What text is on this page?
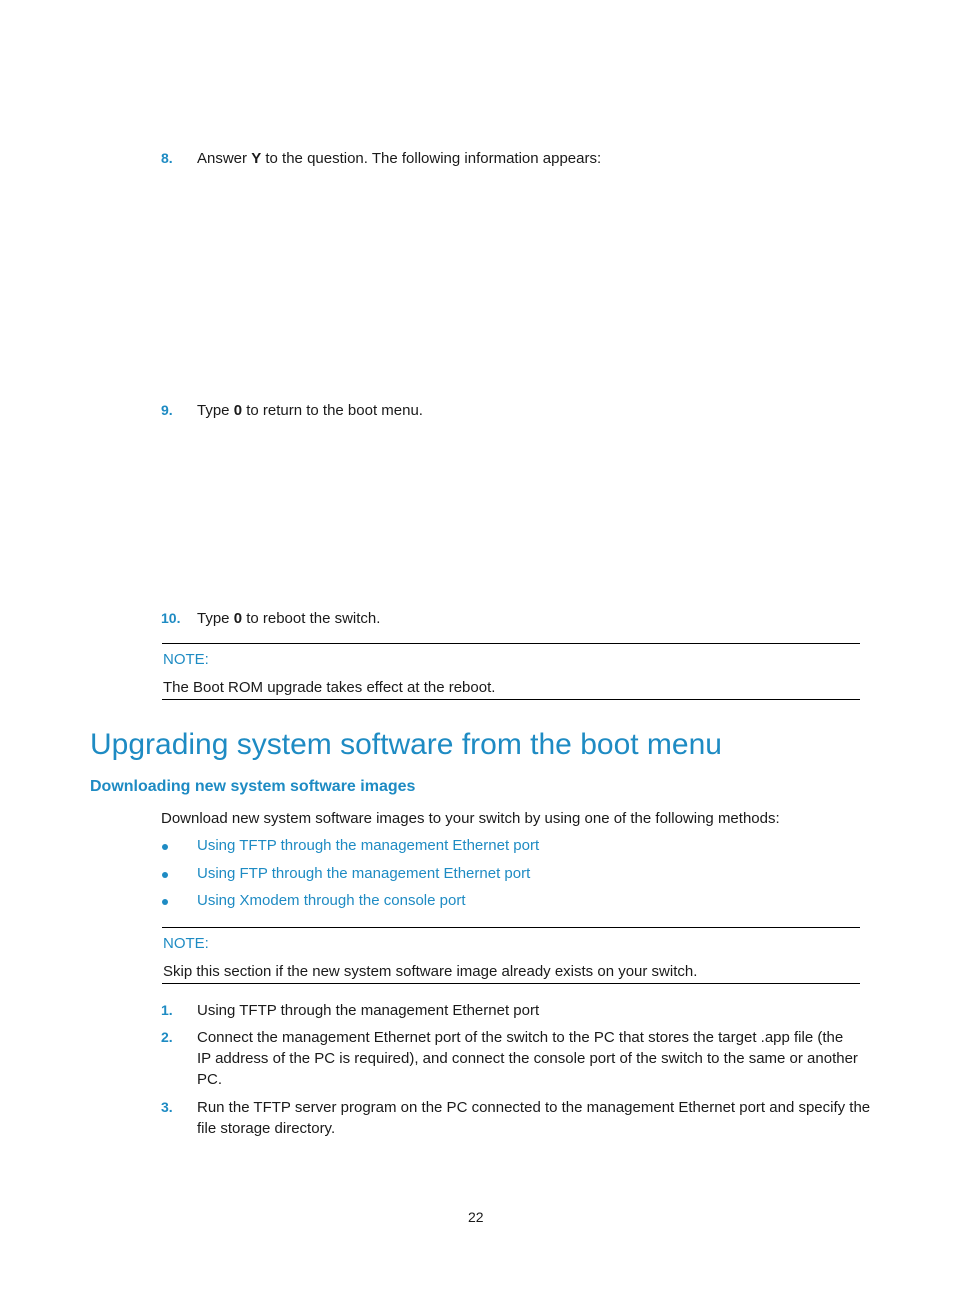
8. Answer Y to the question. The following information appears:
9. Type 0 to return to the boot menu.
10. Type 0 to reboot the switch.
NOTE:
The Boot ROM upgrade takes effect at the reboot.
Upgrading system software from the boot menu
Downloading new system software images
Download new system software images to your switch by using one of the following methods:
Using TFTP through the management Ethernet port
Using FTP through the management Ethernet port
Using Xmodem through the console port
NOTE:
Skip this section if the new system software image already exists on your switch.
1. Using TFTP through the management Ethernet port
2. Connect the management Ethernet port of the switch to the PC that stores the target .app file (the
IP address of the PC is required), and connect the console port of the switch to the same or another
PC.
3. Run the TFTP server program on the PC connected to the management Ethernet port and specify the
file storage directory.
22
